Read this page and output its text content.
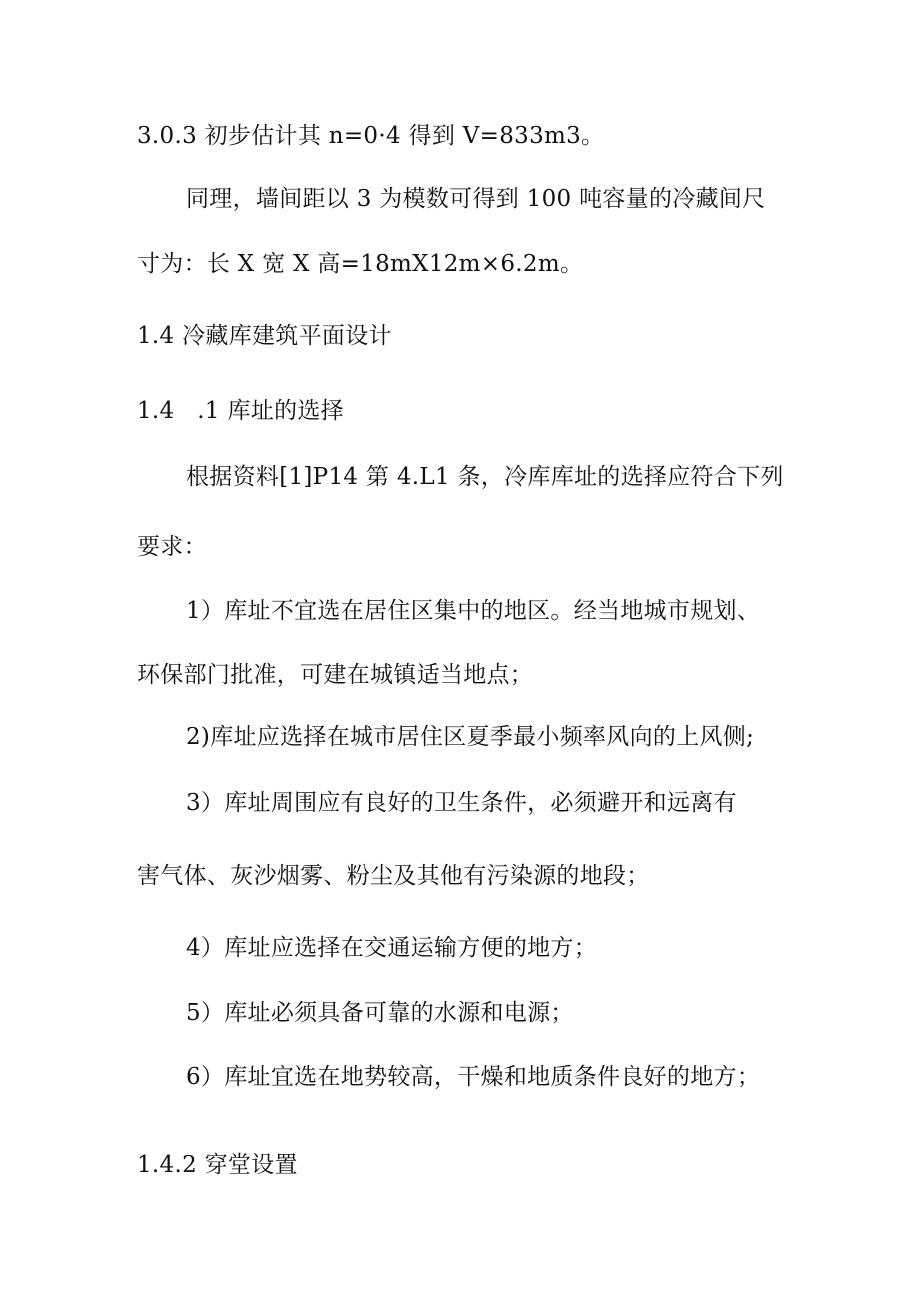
3.0.3 初步估计其 n=0·4 得到 V=833m3。
同理，墙间距以 3 为模数可得到 100 吨容量的冷藏间尺
寸为：长 X 宽 X 高=18mX12m×6.2m。
1.4 冷藏库建筑平面设计
1.4   .1 库址的选择
根据资料[1]P14 第 4.L1 条，冷库库址的选择应符合下列
要求：
1）库址不宜选在居住区集中的地区。经当地城市规划、
环保部门批准，可建在城镇适当地点；
2)库址应选择在城市居住区夏季最小频率风向的上风侧;
3）库址周围应有良好的卫生条件，必须避开和远离有
害气体、灰沙烟雾、粉尘及其他有污染源的地段；
4）库址应选择在交通运输方便的地方；
5）库址必须具备可靠的水源和电源；
6）库址宜选在地势较高，干燥和地质条件良好的地方；
1.4.2 穿堂设置
